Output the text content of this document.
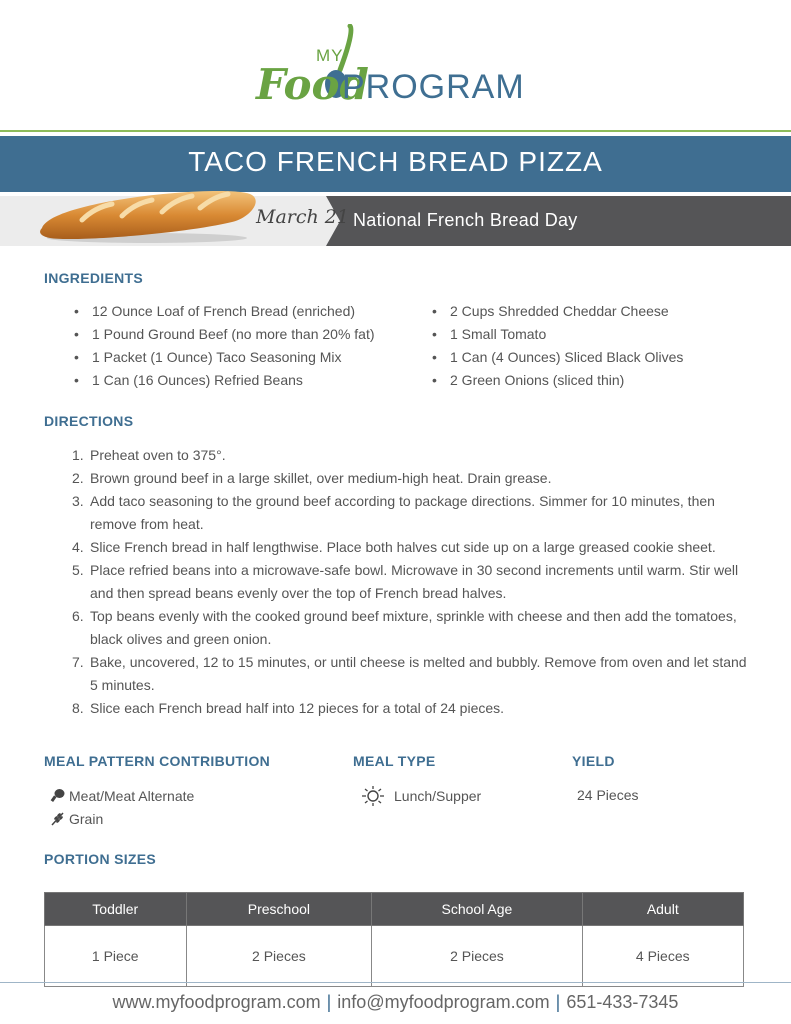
MY
Food
PROGRAM
TACO FRENCH BREAD PIZZA
March 21 National French Bread Day
INGREDIENTS
• 12 Ounce Loaf of French Bread (enriched)
• 1 Pound Ground Beef (no more than 20% fat)
• 1 Packet (1 Ounce) Taco Seasoning Mix
• 1 Can (16 Ounces) Refried Beans
• 2 Cups Shredded Cheddar Cheese
• 1 Small Tomato
• 1 Can (4 Ounces) Sliced Black Olives
• 2 Green Onions (sliced thin)
DIRECTIONS
1. Preheat oven to 375°.
2. Brown ground beef in a large skillet, over medium-high heat. Drain grease.
3. Add taco seasoning to the ground beef according to package directions. Simmer for 10 minutes, then remove from heat.
4. Slice French bread in half lengthwise. Place both halves cut side up on a large greased cookie sheet.
5. Place refried beans into a microwave-safe bowl. Microwave in 30 second increments until warm. Stir well and then spread beans evenly over the top of French bread halves.
6. Top beans evenly with the cooked ground beef mixture, sprinkle with cheese and then add the tomatoes, black olives and green onion.
7. Bake, uncovered, 12 to 15 minutes, or until cheese is melted and bubbly. Remove from oven and let stand 5 minutes.
8. Slice each French bread half into 12 pieces for a total of 24 pieces.
MEAL PATTERN CONTRIBUTION
Meat/Meat Alternate
Grain
MEAL TYPE
Lunch/Supper
YIELD
24 Pieces
PORTION SIZES
Toddler	Preschool	School Age	Adult
1 Piece	2 Pieces	2 Pieces	4 Pieces
www.myfoodprogram.com | info@myfoodprogram.com | 651-433-7345
